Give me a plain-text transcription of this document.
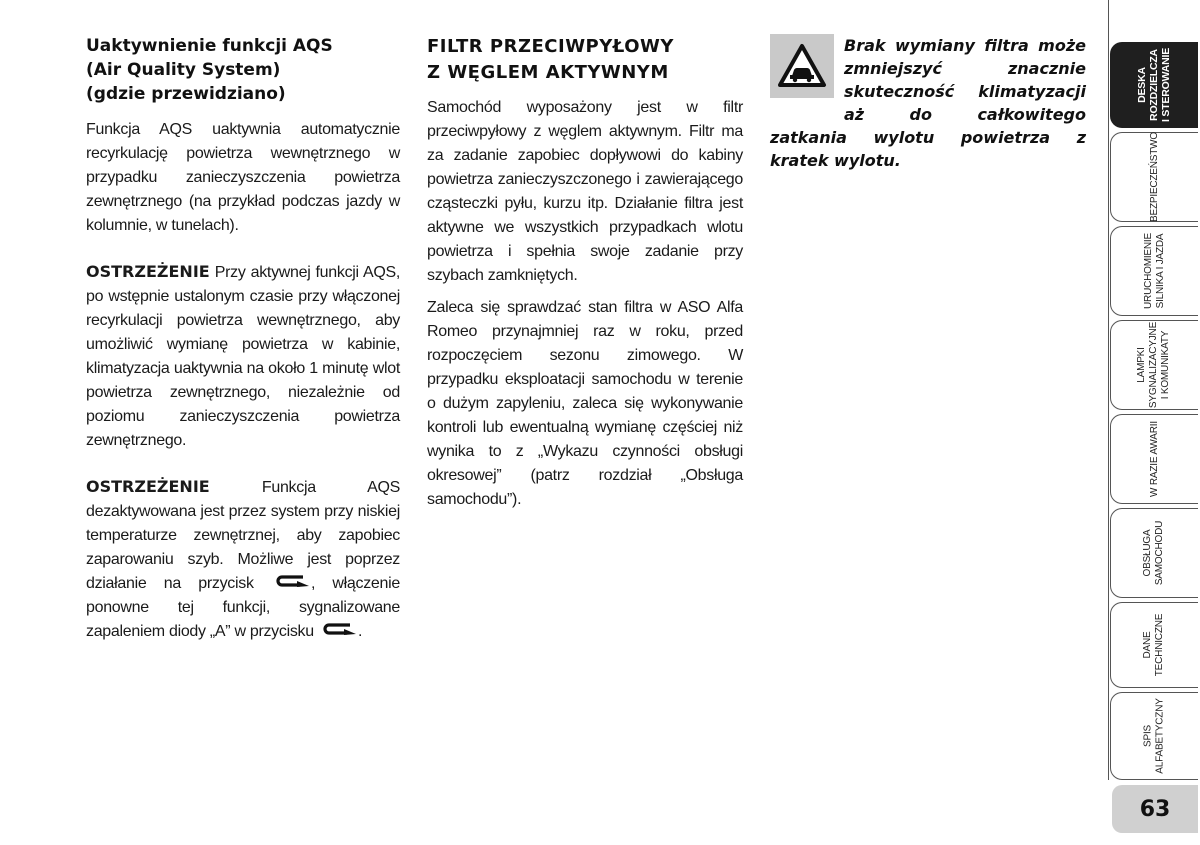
Uaktywnienie funkcji AQS
(Air Quality System)
(gdzie przewidziano)

Funkcja AQS uaktywnia automatycznie recyrkulację powietrza wewnętrznego w przypadku zanieczyszczenia powietrza zewnętrznego (na przykład podczas jazdy w kolumnie, w tunelach).

OSTRZEŻENIE Przy aktywnej funkcji AQS, po wstępnie ustalonym czasie przy włączonej recyrkulacji powietrza wewnętrznego, aby umożliwić wymianę powietrza w kabinie, klimatyzacja uaktywnia na około 1 minutę wlot powietrza zewnętrznego, niezależnie od poziomu zanieczyszczenia powietrza zewnętrznego.

OSTRZEŻENIE Funkcja AQS dezaktywowana jest przez system przy niskiej temperaturze zewnętrznej, aby zapobiec zaparowaniu szyb. Możliwe jest poprzez działanie na przycisk	, włączenie ponowne tej funkcji, sygnalizowane zapaleniem diody „A” w przycisku	.

FILTR PRZECIWPYŁOWY
Z WĘGLEM AKTYWNYM

Samochód wyposażony jest w filtr przeciwpyłowy z węglem aktywnym. Filtr ma za zadanie zapobiec dopływowi do kabiny powietrza zanieczyszczonego i zawierającego cząsteczki pyłu, kurzu itp. Działanie filtra jest aktywne we wszystkich przypadkach wlotu powietrza i spełnia swoje zadanie przy szybach zamkniętych.

Zaleca się sprawdzać stan filtra w ASO Alfa Romeo przynajmniej raz w roku, przed rozpoczęciem sezonu zimowego. W przypadku eksploatacji samochodu w terenie o dużym zapyleniu, zaleca się wykonywanie kontroli lub ewentualną wymianę częściej niż wynika to z „Wykazu czynności obsługi okresowej” (patrz rozdział „Obsługa samochodu”).

Brak wymiany filtra może zmniejszyć znacznie skuteczność klimatyzacji aż do całkowitego zatkania wylotu powietrza z kratek wylotu.

DESKA
ROZDZIELCZA
I STEROWANIE
BEZPIECZEŃSTWO
URUCHOMIENIE
SILNIKA I JAZDA
LAMPKI
SYGNALIZACYJNE
I KOMUNIKATY
W RAZIE AWARII
OBSŁUGA
SAMOCHODU
DANE
TECHNICZNE
SPIS
ALFABETYCZNY
63
